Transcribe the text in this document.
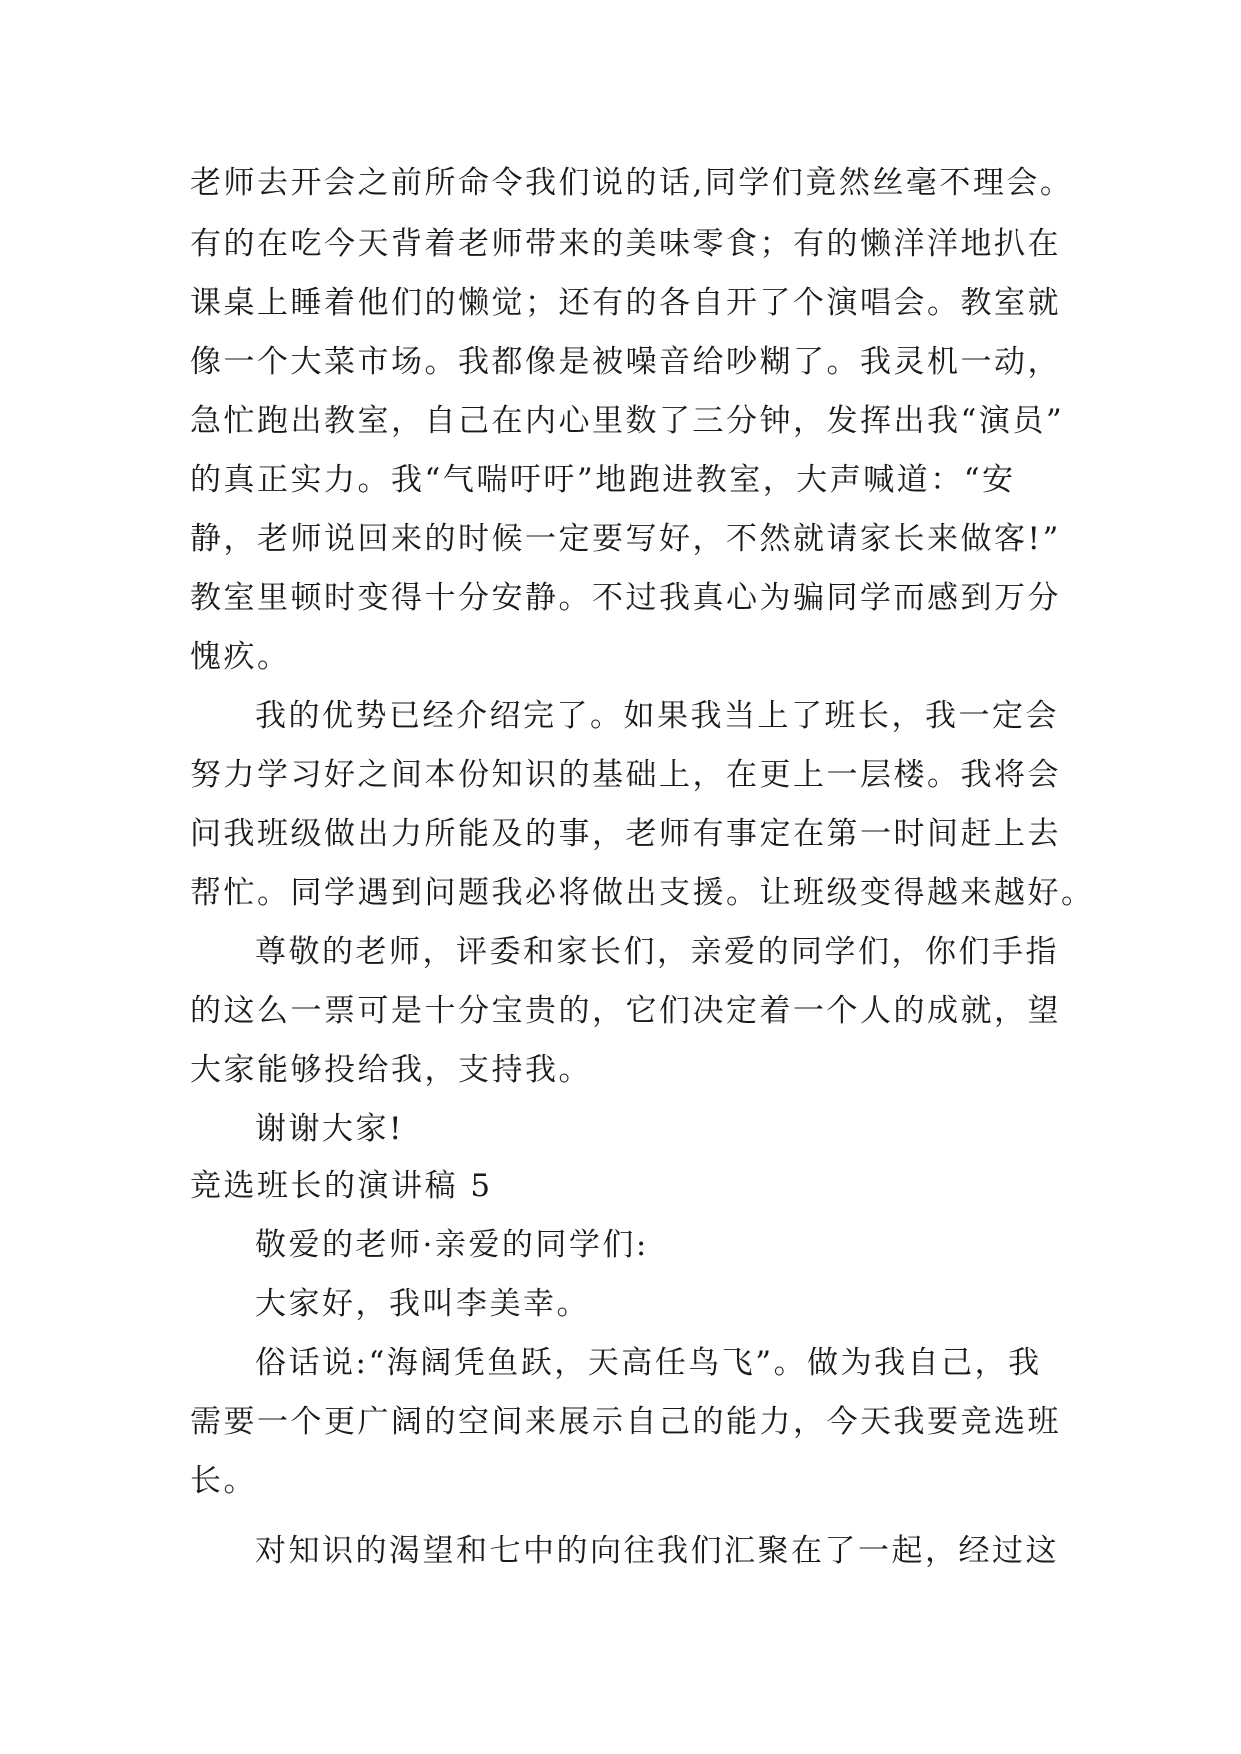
老师去开会之前所命令我们说的话,同学们竟然丝毫不理会。
有的在吃今天背着老师带来的美味零食；有的懒洋洋地扒在
课桌上睡着他们的懒觉；还有的各自开了个演唱会。教室就
像一个大菜市场。我都像是被噪音给吵糊了。我灵机一动，
急忙跑出教室，自己在内心里数了三分钟，发挥出我“演员”
的真正实力。我“气喘吁吁”地跑进教室，大声喊道：“安
静，老师说回来的时候一定要写好，不然就请家长来做客!”
教室里顿时变得十分安静。不过我真心为骗同学而感到万分
愧疚。
我的优势已经介绍完了。如果我当上了班长，我一定会
努力学习好之间本份知识的基础上，在更上一层楼。我将会
问我班级做出力所能及的事，老师有事定在第一时间赶上去
帮忙。同学遇到问题我必将做出支援。让班级变得越来越好。
尊敬的老师，评委和家长们，亲爱的同学们，你们手指
的这么一票可是十分宝贵的，它们决定着一个人的成就，望
大家能够投给我，支持我。
谢谢大家!
竞选班长的演讲稿 5
敬爱的老师·亲爱的同学们:
大家好，我叫李美幸。
俗话说:“海阔凭鱼跃，天高任鸟飞”。做为我自己，我
需要一个更广阔的空间来展示自己的能力，今天我要竞选班
长。
对知识的渴望和七中的向往我们汇聚在了一起，经过这
